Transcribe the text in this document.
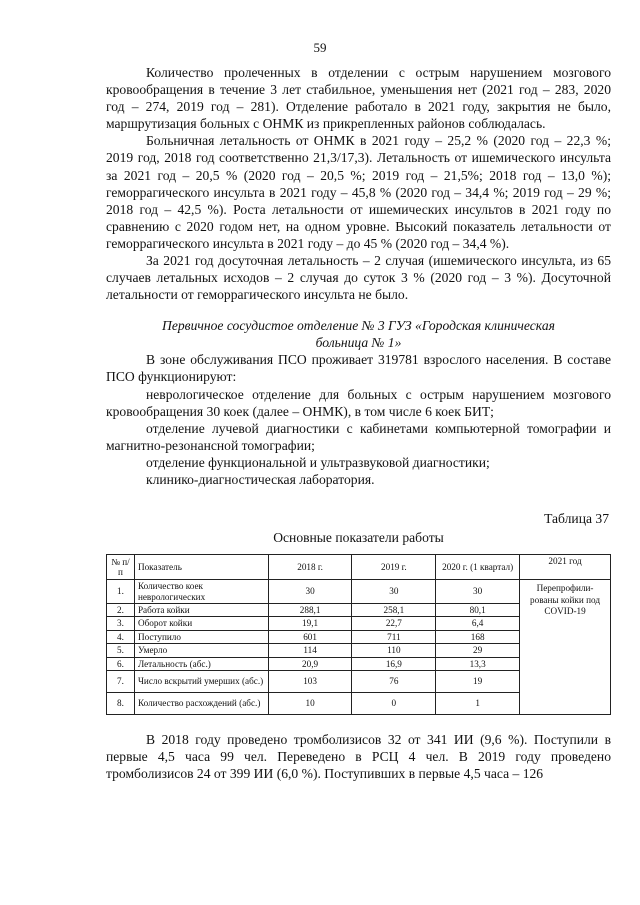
59

Количество пролеченных в отделении с острым нарушением мозгового кровообращения в течение 3 лет стабильное, уменьшения нет (2021 год – 283, 2020 год – 274, 2019 год – 281). Отделение работало в 2021 году, закрытия не было, маршрутизация больных с ОНМК из прикрепленных районов соблюдалась.

Больничная летальность от ОНМК в 2021 году – 25,2 % (2020 год – 22,3 %; 2019 год, 2018 год соответственно 21,3/17,3). Летальность от ишемического инсульта за 2021 год – 20,5 % (2020 год – 20,5 %; 2019 год – 21,5%; 2018 год – 13,0 %); геморрагического инсульта в 2021 году – 45,8 % (2020 год – 34,4 %; 2019 год – 29 %; 2018 год – 42,5 %). Роста летальности от ишемических инсультов в 2021 году по сравнению с 2020 годом нет, на одном уровне. Высокий показатель летальности от геморрагического инсульта в 2021 году – до 45 % (2020 год – 34,4 %).

За 2021 год досуточная летальность – 2 случая (ишемического инсульта, из 65 случаев летальных исходов – 2 случая до суток 3 % (2020 год – 3 %). Досуточной летальности от геморрагического инсульта не было.

Первичное сосудистое отделение № 3 ГУЗ «Городская клиническая больница № 1»

В зоне обслуживания ПСО проживает 319781 взрослого населения. В составе ПСО функционируют:

неврологическое отделение для больных с острым нарушением мозгового кровообращения 30 коек (далее – ОНМК), в том числе 6 коек БИТ;

отделение лучевой диагностики с кабинетами компьютерной томографии и магнитно-резонансной томографии;

отделение функциональной и ультразвуковой диагностики;

клинико-диагностическая лаборатория.

Таблица 37

Основные показатели работы

№ п/п	Показатель	2018 г.	2019 г.	2020 г. (1 квартал)	2021 год
1.	Количество коек неврологических	30	30	30	Перепрофили-рованы койки под COVID-19
2.	Работа койки	288,1	258,1	80,1	
3.	Оборот койки	19,1	22,7	6,4	
4.	Поступило	601	711	168	
5.	Умерло	114	110	29	
6.	Летальность (абс.)	20,9	16,9	13,3	
7.	Число вскрытий умерших (абс.)	103	76	19	
8.	Количество расхождений (абс.)	10	0	1	

В 2018 году проведено тромболизисов 32 от 341 ИИ (9,6 %). Поступили в первые 4,5 часа 99 чел. Переведено в РСЦ 4 чел. В 2019 году проведено тромболизисов 24 от 399 ИИ (6,0 %). Поступивших в первые 4,5 часа – 126
